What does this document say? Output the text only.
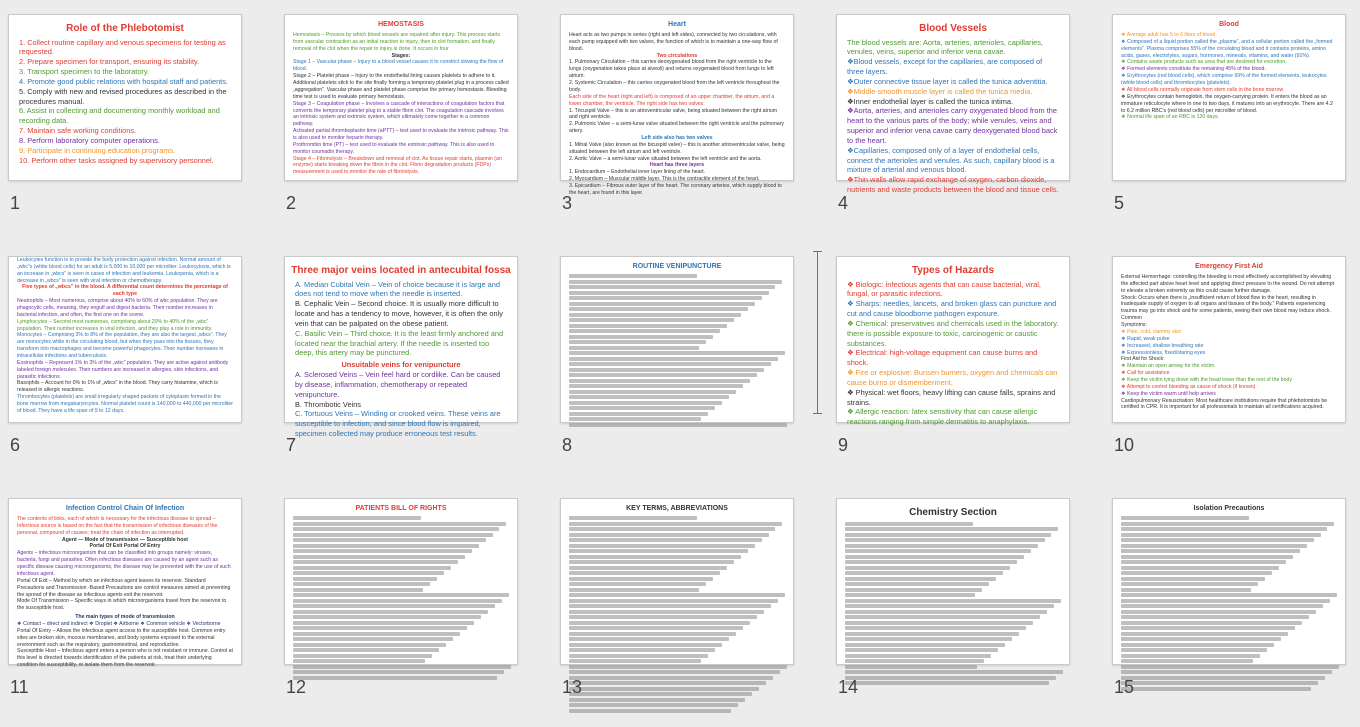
Role of the Phlebotomist
1. Collect routine capillary and venous specimens for testing as requested.
2. Prepare specimen for transport, ensuring its stability.
3. Transport specimen to the laboratory.
4. Promote good public relations with hospital staff and patients.
5. Comply with new and revised procedures as described in the procedures manual.
6. Assist in collecting and documenting monthly workload and recording data.
7. Maintain safe working conditions.
8. Perform laboratory computer operations.
9. Participate in continuing education programs.
10. Perform other tasks assigned by supervisory personnel.
1
HEMOSTASIS
Hemostasis – Process by which blood vessels are repaired after injury. This process starts from vascular contraction as an initial reaction to injury, then to clot formation, and finally removal of the clot when the repair to injury is done. It occurs in four
Stages:
Stage 1 – Vascular phase – Injury to a blood vessel causes it to constrict slowing the flow of blood.
Stage 2 – Platelet phase – Injury to the endothelial lining causes platelets to adhere to it. Additional platelets stick to the site finally forming a temporary platelet plug in a process called „aggregation”. Vascular phase and platelet phase comprise the primary hemostasis. Bleeding time test is used to evaluate primary hemostasis.
Stage 3 – Coagulation phase – Involves a cascade of interactions of coagulation factors that converts the temporary platelet plug to a stable fibrin clot. The coagulation cascade involves an intrinsic system and extrinsic system, which ultimately come together in a common pathway.
Activated partial thromboplastin time (aPTT) – test used to evaluate the intrinsic pathway. This is also used to monitor heparin therapy.
Prothrombin time (PT) – test used to evaluate the extrinsic pathway. This is also used to monitor coumadin therapy.
Stage 4 – Fibrinolysis – Breakdown and removal of clot. As tissue repair starts, plasmin (an enzyme) starts breaking down the fibrin in the clot. Fibrin degradation products (FDPs) measurement is used to monitor the rate of fibrinolysis.
2
Heart
Heart acts as two pumps in series (right and left sides), connected by two circulations, with each pump equipped with two valves, the function of which is to maintain a one-way flow of blood.
Two circulations
1. Pulmonary Circulation – this carries deoxygenated blood from the right ventricle to the lungs (oxygenation takes place at alveoli) and returns oxygenated blood from lungs to left atrium.
2. Systemic Circulation – this carries oxygenated blood from the left ventricle throughout the body.
Each side of the heart (right and left) is composed of an upper chamber, the atrium, and a lower chamber, the ventricle. The right side has two valves:
1. Tricuspid Valve – this is an atrioventricular valve, being situated between the right atrium and right ventricle.
2. Pulmonic Valve – a semi-lunar valve situated between the right ventricle and the pulmonary artery.
Left side also has two valves
1. Mitral Valve (also known as the bicuspid valve) – this is another atrioventricular valve, being situated between the left atrium and left ventricle.
2. Aortic Valve – a semi-lunar valve situated between the left ventricle and the aorta.
Heart has three layers
1. Endocardium – Endothelial inner layer lining of the heart.
2. Myocardium – Muscular middle layer. This is the contractile element of the heart.
3. Epicardium – Fibrous outer layer of the heart. The coronary arteries, which supply blood to the heart, are found in this layer.
3
Blood Vessels
The blood vessels are: Aorta, arteries, arterioles, capillaries, venules, veins, superior and inferior vena cavae.
❖Blood vessels, except for the capillaries, are composed of three layers.
❖Outer connective tissue layer is called the tunica adventitia.
❖Middle smooth muscle layer is called the tunica media.
❖Inner endothelial layer is called the tunica intima.
❖Aorta, arteries, and arterioles carry oxygenated blood from the heart to the various parts of the body; while venules, veins and superior and inferior vena cavae carry deoxygenated blood back to the heart.
❖Capillaries, composed only of a layer of endothelial cells, connect the arterioles and venules. As such, capillary blood is a mixture of arterial and venous blood.
❖Thin walls allow rapid exchange of oxygen, carbon dioxide, nutrients and waste products between the blood and tissue cells.
4
Blood
❖ Average adult has 5 to 6 liters of blood.
❖ Composed of a liquid portion called the „plasma”, and a cellular portion called the „formed elements”. Plasma comprises 55% of the circulating blood and it contains proteins, amino acids, gases, electrolytes, sugars, hormones, minerals, vitamins, and water (91%).
❖ Contains waste products such as urea that are destined for excretion.
❖ Formed elements constitute the remaining 45% of the blood.
❖ Erythrocytes (red blood cells), which comprise 99% of the formed elements, leukocytes (white blood cells) and thrombocytes (platelets).
❖ All blood cells normally originate from stem cells in the bone marrow.
❖ Erythrocytes contain hemoglobin, the oxygen-carrying protein. It enters the blood as an immature reticulocyte where in one to two days, it matures into an erythrocyte. There are 4.2 to 6.2 million RBC's (red blood cells) per microliter of blood.
❖ Normal life span of an RBC is 120 days.
5
Leukocytes function is to provide the body protection against infection. Normal amount of „wbc”s (white blood cells) for an adult is 5,000 to 10,000 per microliter. Leukocytosis, which is an increase in „wbcs” is seen in cases of infection and leukemia. Leukopenia, which is a decrease in „wbcs” is seen with viral infection or chemotherapy.
Five types of „wbcs” in the blood. A differential count determines the percentage of each type
Neutrophils – Most numerous, comprise about 40% to 60% of wbc population. They are phagocytic cells, meaning, they engulf and digest bacteria. Their number increases in bacterial infection, and often, the first one on the scene.
Lymphocytes – Second most numerous, comprising about 20% to 40% of the „wbc” population. Their number increases in viral infection, and they play a role in immunity.
Monocytes – Comprising 3% to 8% of the population, they are also the largest „wbcs”. They are monocytes while in the circulating blood, but when they pass into the tissues, they transform into macrophages and become powerful phagocytes. Their number increases in intracellular infections and tuberculosis.
Eosinophils – Represent 1% to 3% of the „wbc” population. They are active against antibody labeled foreign molecules. Their numbers are increased in allergies, skin infections, and parasitic infections.
Basophils – Account for 0% to 1% of „wbcs” in the blood. They carry histamine, which is released in allergic reactions.
Thrombocytes (platelets) are small irregularly shaped packets of cytoplasm formed in the bone marrow from megakaryocytes. Normal platelet count is 140,000 to 440,000 per microliter of blood. They have a life span of 9 to 12 days.
6
Three major veins located in antecubital fossa
A. Median Cubital Vein – Vein of choice because it is large and does not tend to move when the needle is inserted.
B. Cephalic Vein – Second choice. It is usually more difficult to locate and has a tendency to move, however, it is often the only vein that can be palpated on the obese patient.
C. Basilic Vein – Third choice. It is the least firmly anchored and located near the brachial artery. If the needle is inserted too deep, this artery may be punctured.
Unsuitable veins for venipuncture
A. Sclerosed Veins – Vein feel hard or cordlike. Can be caused by disease, inflammation, chemotherapy or repeated venipuncture.
B. Thrombotic Veins
C. Tortuous Veins – Winding or crooked veins. These veins are susceptible to infection, and since blood flow is impaired, specimen collected may produce erroneous test results.
7
ROUTINE VENIPUNCTURE
8
Types of Hazards
❖ Biologic: infectious agents that can cause bacterial, viral, fungal, or parasitic infections.
❖ Sharps: needles, lancets, and broken glass can puncture and cut and cause bloodborne pathogen exposure.
❖ Chemical: preservatives and chemicals used in the laboratory. there is possible exposure to toxic, carcinogenic or caustic substances.
❖ Electrical: high-voltage equipment can cause burns and shock.
❖ Fire or explosive: Bunsen burners, oxygen and chemicals can cause burns or dismemberment.
❖ Physical: wet floors, heavy lifting can cause falls, sprains and strains.
❖ Allergic reaction: latex sensitivity that can cause allergic reactions ranging from simple dermatitis to anaphylaxis.
9
Emergency First Aid
External Hemorrhage: controlling the bleeding is most effectively accomplished by elevating the affected part above heart level and applying direct pressure to the wound. Do not attempt to elevate a broken extremity as this could cause further damage.
Shock: Occurs when there is „insufficient return of blood flow to the heart, resulting in inadequate supply of oxygen to all organs and tissues of the body.” Patients experiencing trauma may go into shock and for some patients, seeing their own blood may induce shock. Common
Symptoms:
❖ Pale, cold, clammy skin
❖ Rapid, weak pulse
❖ Increased, shallow breathing rate
❖ Expressionless, fixed/staring eyes
First Aid for Shock:
❖ Maintain an open airway for the victim
❖ Call for assistance
❖ Keep the victim lying down with the head lower than the rest of the body
❖ Attempt to control bleeding as cause of shock (if known)
❖ Keep the victim warm until help arrives
Cardiopulmonary Resuscitation: Most healthcare institutions require that phlebotomists be certified in CPR. It is important for all professionals to maintain all certifications acquired.
10
Infection Control Chain Of Infection
The contents of links, each of which is necessary for the infectious disease to spread – Infectious source is based on the fact that the transmission of infectious diseases of the personal, compound of causes; treat the chain of infection as interrupted.
Agent — Mode of transmission — Susceptible host
Portal Of Exit Portal Of Entry
Agents – infectious microorganism that can be classified into groups namely: viruses, bacteria, fungi and parasites. Often infectious diseases are caused by an agent such as specific disease causing microorganisms, the disease may be prevented with the use of such infectious agent.
Portal Of Exit – Method by which an infectious agent leaves its reservoir. Standard Precautions and Transmission -Based Precautions are control measures aimed at preventing the spread of the disease as infectious agents exit the reservoir.
Mode Of Transmission – Specific ways in which microorganisms travel from the reservoir to the susceptible host.
The main types of mode of transmission
❖ Contact – direct and indirect ❖ Droplet ❖ Airborne ❖ Common vehicle ❖ Vectorborne
Portal Of Entry – Allows the infectious agent access to the susceptible host. Common entry sites are broken skin, mucous membranes, and body systems exposed to the external environment such as the respiratory, gastrointestinal, and reproductive.
Susceptible Host – Infectious agent enters a person who is not resistant or immune. Control at this level is directed towards identification of the patients at risk, treat their underlying condition for susceptibility, or isolate them from the reservoir.
11
PATIENTS BILL OF RIGHTS
12
KEY TERMS, ABBREVIATIONS
13
Chemistry Section
14
Isolation Precautions
15
